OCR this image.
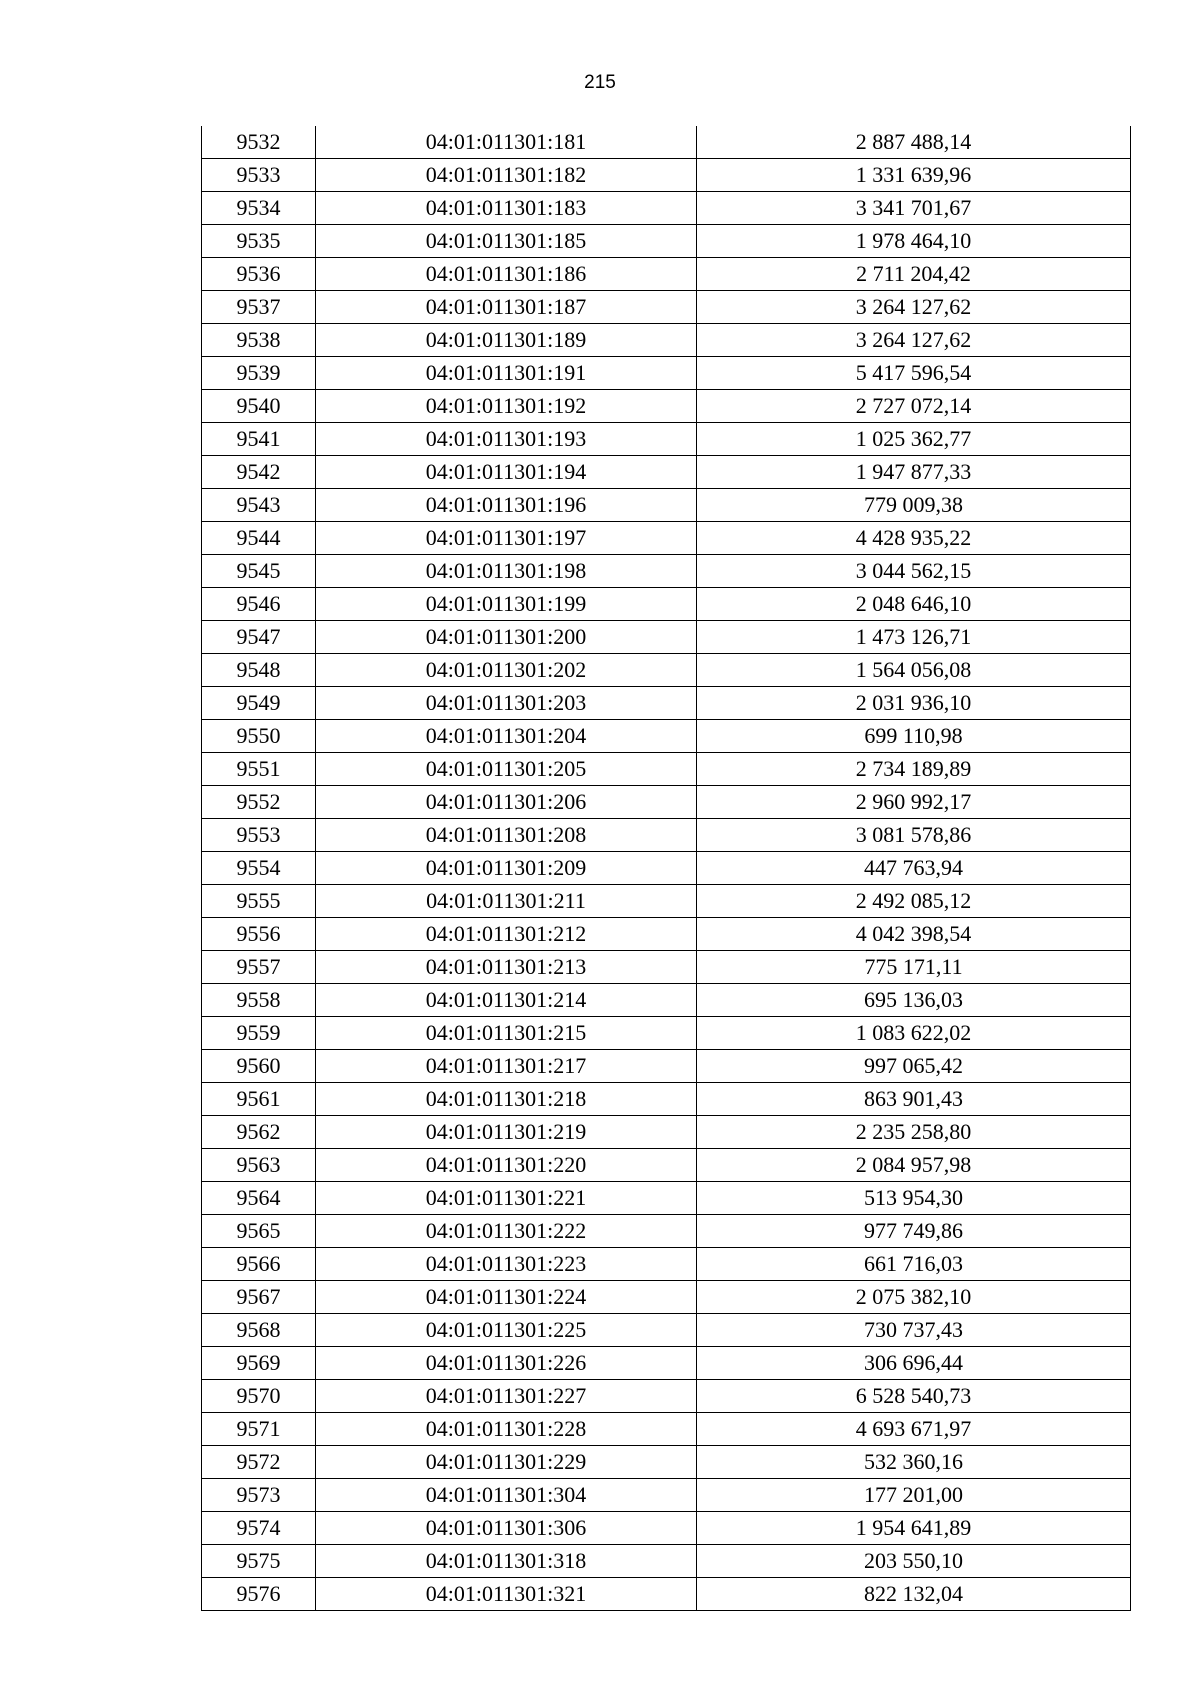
215
9532	04:01:011301:181	2 887 488,14
9533	04:01:011301:182	1 331 639,96
9534	04:01:011301:183	3 341 701,67
9535	04:01:011301:185	1 978 464,10
9536	04:01:011301:186	2 711 204,42
9537	04:01:011301:187	3 264 127,62
9538	04:01:011301:189	3 264 127,62
9539	04:01:011301:191	5 417 596,54
9540	04:01:011301:192	2 727 072,14
9541	04:01:011301:193	1 025 362,77
9542	04:01:011301:194	1 947 877,33
9543	04:01:011301:196	779 009,38
9544	04:01:011301:197	4 428 935,22
9545	04:01:011301:198	3 044 562,15
9546	04:01:011301:199	2 048 646,10
9547	04:01:011301:200	1 473 126,71
9548	04:01:011301:202	1 564 056,08
9549	04:01:011301:203	2 031 936,10
9550	04:01:011301:204	699 110,98
9551	04:01:011301:205	2 734 189,89
9552	04:01:011301:206	2 960 992,17
9553	04:01:011301:208	3 081 578,86
9554	04:01:011301:209	447 763,94
9555	04:01:011301:211	2 492 085,12
9556	04:01:011301:212	4 042 398,54
9557	04:01:011301:213	775 171,11
9558	04:01:011301:214	695 136,03
9559	04:01:011301:215	1 083 622,02
9560	04:01:011301:217	997 065,42
9561	04:01:011301:218	863 901,43
9562	04:01:011301:219	2 235 258,80
9563	04:01:011301:220	2 084 957,98
9564	04:01:011301:221	513 954,30
9565	04:01:011301:222	977 749,86
9566	04:01:011301:223	661 716,03
9567	04:01:011301:224	2 075 382,10
9568	04:01:011301:225	730 737,43
9569	04:01:011301:226	306 696,44
9570	04:01:011301:227	6 528 540,73
9571	04:01:011301:228	4 693 671,97
9572	04:01:011301:229	532 360,16
9573	04:01:011301:304	177 201,00
9574	04:01:011301:306	1 954 641,89
9575	04:01:011301:318	203 550,10
9576	04:01:011301:321	822 132,04
